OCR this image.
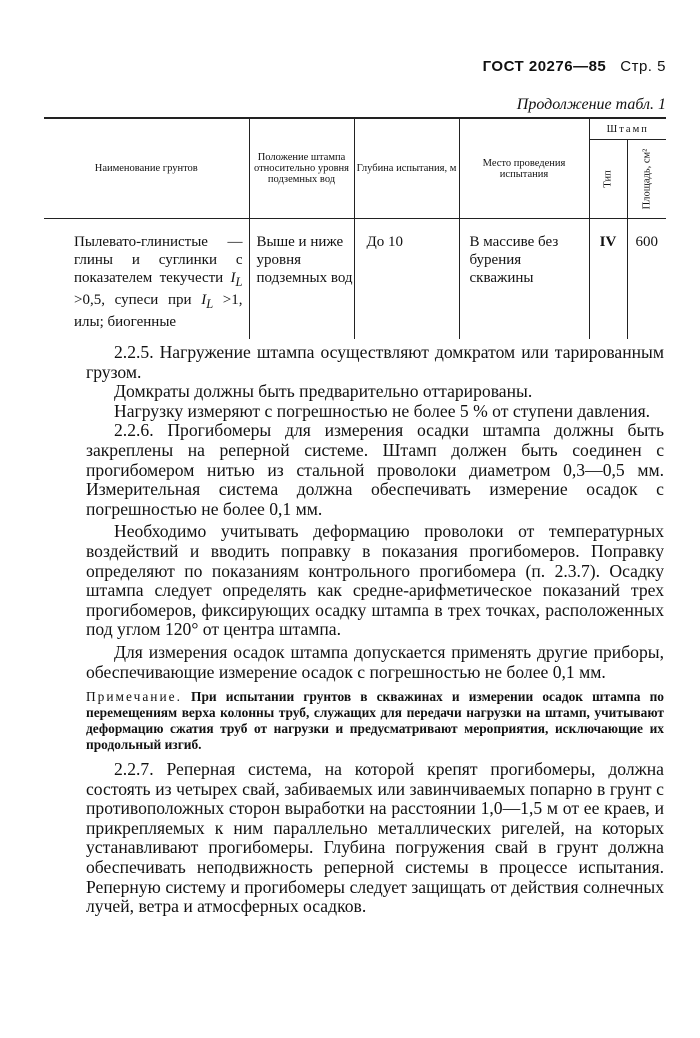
ГОСТ 20276—85 Стр. 5
Продолжение табл. 1
Наименование грунтов	Положение штампа относительно уровня подземных вод	Глубина испытания, м	Место проведения испытания	Штамп	

				Тип	Площадь, см²

Пылевато-глинистые — глины и суглинки с показателем текучести $I_L >0,5$, супеси при $I_L >1$, илы; биогенные	Выше и ниже уровня подземных вод	До 10	В массиве без бурения скважины	IV	600

2.2.5. Нагружение штампа осуществляют домкратом или тарированным грузом.

Домкраты должны быть предварительно оттарированы.

Нагрузку измеряют с погрешностью не более 5 % от ступени давления.

2.2.6. Прогибомеры для измерения осадки штампа должны быть закреплены на реперной системе. Штамп должен быть соединен с прогибомером нитью из стальной проволоки диаметром 0,3—0,5 мм. Измерительная система должна обеспечивать измерение осадок с погрешностью не более 0,1 мм.

Необходимо учитывать деформацию проволоки от температурных воздействий и вводить поправку в показания прогибомеров. Поправку определяют по показаниям контрольного прогибомера (п. 2.3.7). Осадку штампа следует определять как средне-арифметическое показаний трех прогибомеров, фиксирующих осадку штампа в трех точках, расположенных под углом 120° от центра штампа.

Для измерения осадок штампа допускается применять другие приборы, обеспечивающие измерение осадок с погрешностью не более 0,1 мм.

Примечание. При испытании грунтов в скважинах и измерении осадок штампа по перемещениям верха колонны труб, служащих для передачи нагрузки на штамп, учитывают деформацию сжатия труб от нагрузки и предусматривают мероприятия, исключающие их продольный изгиб.

2.2.7. Реперная система, на которой крепят прогибомеры, должна состоять из четырех свай, забиваемых или завинчиваемых попарно в грунт с противоположных сторон выработки на расстоянии 1,0—1,5 м от ее краев, и прикрепляемых к ним параллельно металлических ригелей, на которых устанавливают прогибомеры. Глубина погружения свай в грунт должна обеспечивать неподвижность реперной системы в процессе испытания. Реперную систему и прогибомеры следует защищать от действия солнечных лучей, ветра и атмосферных осадков.
